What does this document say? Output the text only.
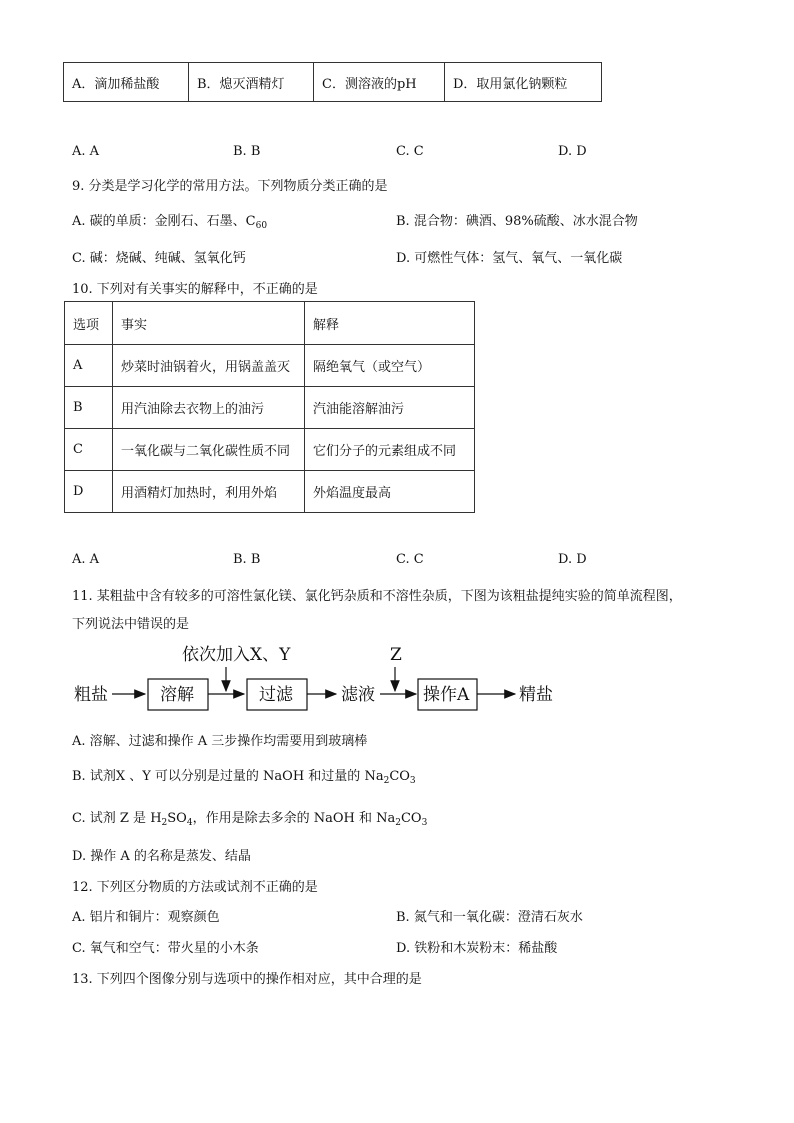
A．滴加稀盐酸	B．熄灭酒精灯	C．测溶液的pH	D．取用氯化钠颗粒
A. A	B. B	C. C	D. D
9. 分类是学习化学的常用方法。下列物质分类正确的是
A. 碳的单质：金刚石、石墨、$C_{60}$	B. 混合物：碘酒、98%硫酸、冰水混合物
C. 碱：烧碱、纯碱、氢氧化钙	D. 可燃性气体：氢气、氧气、一氧化碳
10. 下列对有关事实的解释中，不正确的是
选项	事实	解释
A	炒菜时油锅着火，用锅盖盖灭	隔绝氧气（或空气）
B	用汽油除去衣物上的油污	汽油能溶解油污
C	一氧化碳与二氧化碳性质不同	它们分子的元素组成不同
D	用酒精灯加热时，利用外焰	外焰温度最高
A. A	B. B	C. C	D. D
11. 某粗盐中含有较多的可溶性氯化镁、氯化钙杂质和不溶性杂质，下图为该粗盐提纯实验的简单流程图，
下列说法中错误的是
粗盐	溶解
依次加入X、Y
过滤	滤液
Z
操作A	精盐
A. 溶解、过滤和操作 A 三步操作均需要用到玻璃棒
B. 试剂X 、Y 可以分别是过量的 NaOH 和过量的 $Na_2CO_3$
C. 试剂 Z 是 $H_2SO_4$，作用是除去多余的 NaOH 和 $Na_2CO_3$
D. 操作 A 的名称是蒸发、结晶
12. 下列区分物质的方法或试剂不正确的是
A. 铝片和铜片：观察颜色	B. 氮气和一氧化碳：澄清石灰水
C. 氧气和空气：带火星的小木条	D. 铁粉和木炭粉末：稀盐酸
13. 下列四个图像分别与选项中的操作相对应，其中合理的是
